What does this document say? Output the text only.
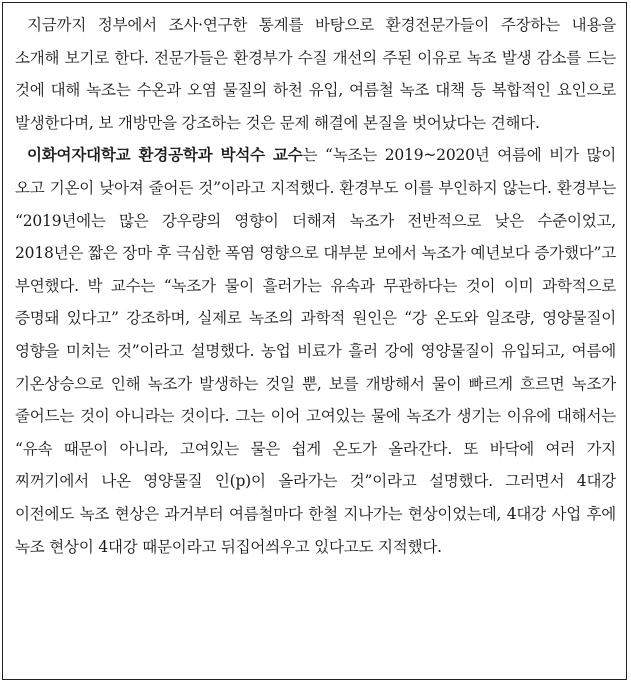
지금까지 정부에서 조사·연구한 통계를 바탕으로 환경전문가들이 주장하는 내용을 소개해 보기로 한다. 전문가들은 환경부가 수질 개선의 주된 이유로 녹조 발생 감소를 드는 것에 대해 녹조는 수온과 오염 물질의 하천 유입, 여름철 녹조 대책 등 복합적인 요인으로 발생한다며, 보 개방만을 강조하는 것은 문제 해결에 본질을 벗어났다는 견해다.

이화여자대학교 환경공학과 박석수 교수는 “녹조는 2019~2020년 여름에 비가 많이 오고 기온이 낮아져 줄어든 것”이라고 지적했다. 환경부도 이를 부인하지 않는다. 환경부는 “2019년에는 많은 강우량의 영향이 더해져 녹조가 전반적으로 낮은 수준이었고, 2018년은 짧은 장마 후 극심한 폭염 영향으로 대부분 보에서 녹조가 예년보다 증가했다”고 부연했다. 박 교수는 “녹조가 물이 흘러가는 유속과 무관하다는 것이 이미 과학적으로 증명돼 있다고” 강조하며, 실제로 녹조의 과학적 원인은 “강 온도와 일조량, 영양물질이 영향을 미치는 것”이라고 설명했다. 농업 비료가 흘러 강에 영양물질이 유입되고, 여름에 기온상승으로 인해 녹조가 발생하는 것일 뿐, 보를 개방해서 물이 빠르게 흐르면 녹조가 줄어드는 것이 아니라는 것이다. 그는 이어 고여있는 물에 녹조가 생기는 이유에 대해서는 “유속 때문이 아니라, 고여있는 물은 쉽게 온도가 올라간다. 또 바닥에 여러 가지 찌꺼기에서 나온 영양물질 인(p)이 올라가는 것”이라고 설명했다. 그러면서 4대강 이전에도 녹조 현상은 과거부터 여름철마다 한철 지나가는 현상이었는데, 4대강 사업 후에 녹조 현상이 4대강 때문이라고 뒤집어씌우고 있다고도 지적했다.
